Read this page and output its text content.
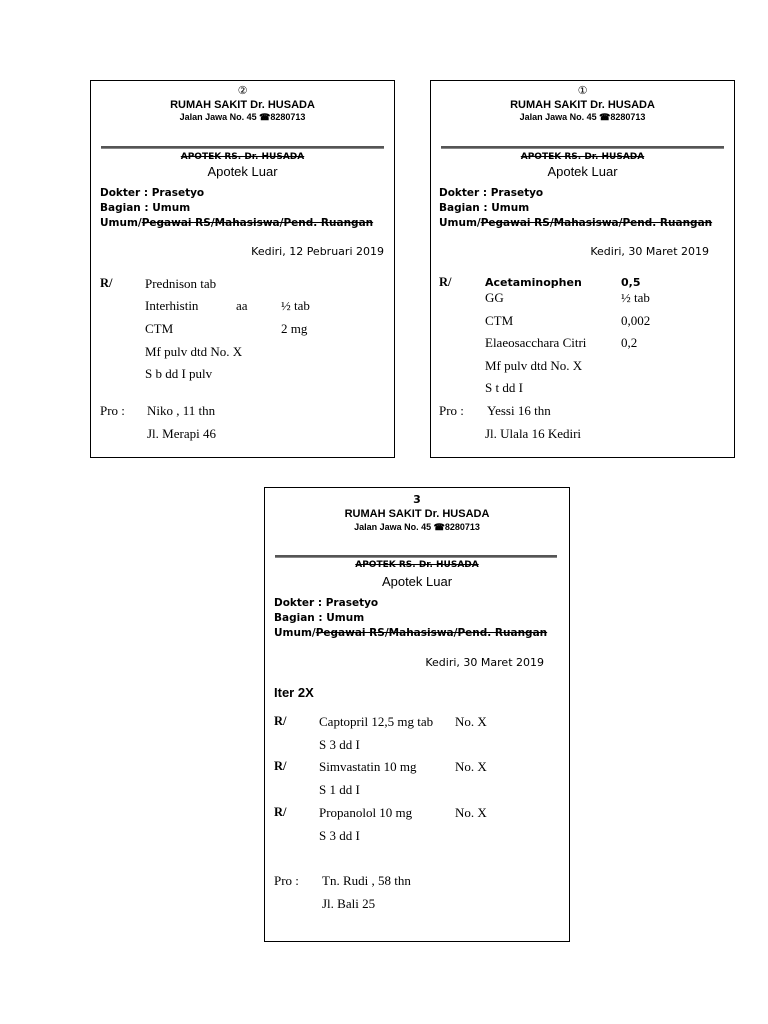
②
RUMAH SAKIT Dr. HUSADA
Jalan Jawa No. 45 ☎8280713
APOTEK RS. Dr. HUSADA
Apotek Luar
Dokter : Prasetyo
Bagian : Umum
Umum/Pegawai RS/Mahasiswa/Pend. Ruangan
Kediri, 12 Pebruari 2019
R/	Prednison tab
Interhistin	aa	½ tab
CTM	2 mg
Mf pulv dtd No. X
S b dd I pulv
Pro : Niko , 11 thn
Jl. Merapi 46
①
RUMAH SAKIT Dr. HUSADA
Jalan Jawa No. 45 ☎8280713
APOTEK RS. Dr. HUSADA
Apotek Luar
Dokter : Prasetyo
Bagian : Umum
Umum/Pegawai RS/Mahasiswa/Pend. Ruangan
Kediri, 30 Maret 2019
R/	Acetaminophen	0,5
GG	½ tab
CTM	0,002
Elaeosacchara Citri	0,2
Mf pulv dtd No. X
S t dd I
Pro : Yessi 16 thn
Jl. Ulala 16 Kediri
3
RUMAH SAKIT Dr. HUSADA
Jalan Jawa No. 45 ☎8280713
APOTEK RS. Dr. HUSADA
Apotek Luar
Dokter : Prasetyo
Bagian : Umum
Umum/Pegawai RS/Mahasiswa/Pend. Ruangan
Kediri, 30 Maret 2019
Iter 2X
R/	Captopril 12,5 mg tab No. X
S 3 dd I
R/	Simvastatin 10 mg	No. X
S 1 dd I
R/	Propanolol 10 mg	No. X
S 3 dd I
Pro : Tn. Rudi , 58 thn
Jl. Bali 25
